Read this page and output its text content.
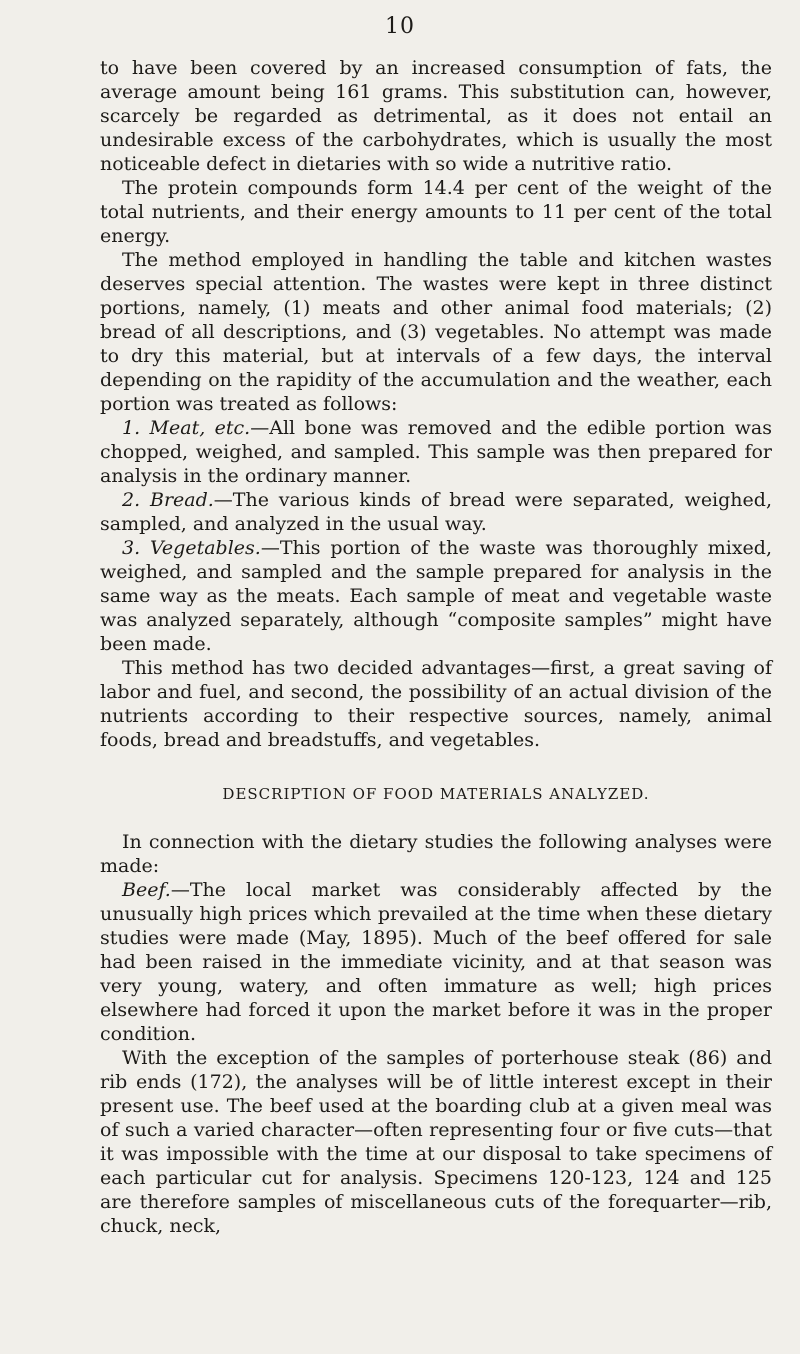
10

to have been covered by an increased consumption of fats, the average amount being 161 grams. This substitution can, however, scarcely be regarded as detrimental, as it does not entail an undesirable excess of the carbohydrates, which is usually the most noticeable defect in dietaries with so wide a nutritive ratio.

The protein compounds form 14.4 per cent of the weight of the total nutrients, and their energy amounts to 11 per cent of the total energy.

The method employed in handling the table and kitchen wastes deserves special attention. The wastes were kept in three distinct portions, namely, (1) meats and other animal food materials; (2) bread of all descriptions, and (3) vegetables. No attempt was made to dry this material, but at intervals of a few days, the interval depending on the rapidity of the accumulation and the weather, each portion was treated as follows:

1. Meat, etc.—All bone was removed and the edible portion was chopped, weighed, and sampled. This sample was then prepared for analysis in the ordinary manner.

2. Bread.—The various kinds of bread were separated, weighed, sampled, and analyzed in the usual way.

3. Vegetables.—This portion of the waste was thoroughly mixed, weighed, and sampled and the sample prepared for analysis in the same way as the meats. Each sample of meat and vegetable waste was analyzed separately, although “composite samples” might have been made.

This method has two decided advantages—first, a great saving of labor and fuel, and second, the possibility of an actual division of the nutrients according to their respective sources, namely, animal foods, bread and breadstuffs, and vegetables.

DESCRIPTION OF FOOD MATERIALS ANALYZED.

In connection with the dietary studies the following analyses were made:

Beef.—The local market was considerably affected by the unusually high prices which prevailed at the time when these dietary studies were made (May, 1895). Much of the beef offered for sale had been raised in the immediate vicinity, and at that season was very young, watery, and often immature as well; high prices elsewhere had forced it upon the market before it was in the proper condition.

With the exception of the samples of porterhouse steak (86) and rib ends (172), the analyses will be of little interest except in their present use. The beef used at the boarding club at a given meal was of such a varied character—often representing four or five cuts—that it was impossible with the time at our disposal to take specimens of each particular cut for analysis. Specimens 120-123, 124 and 125 are therefore samples of miscellaneous cuts of the forequarter—rib, chuck, neck,
